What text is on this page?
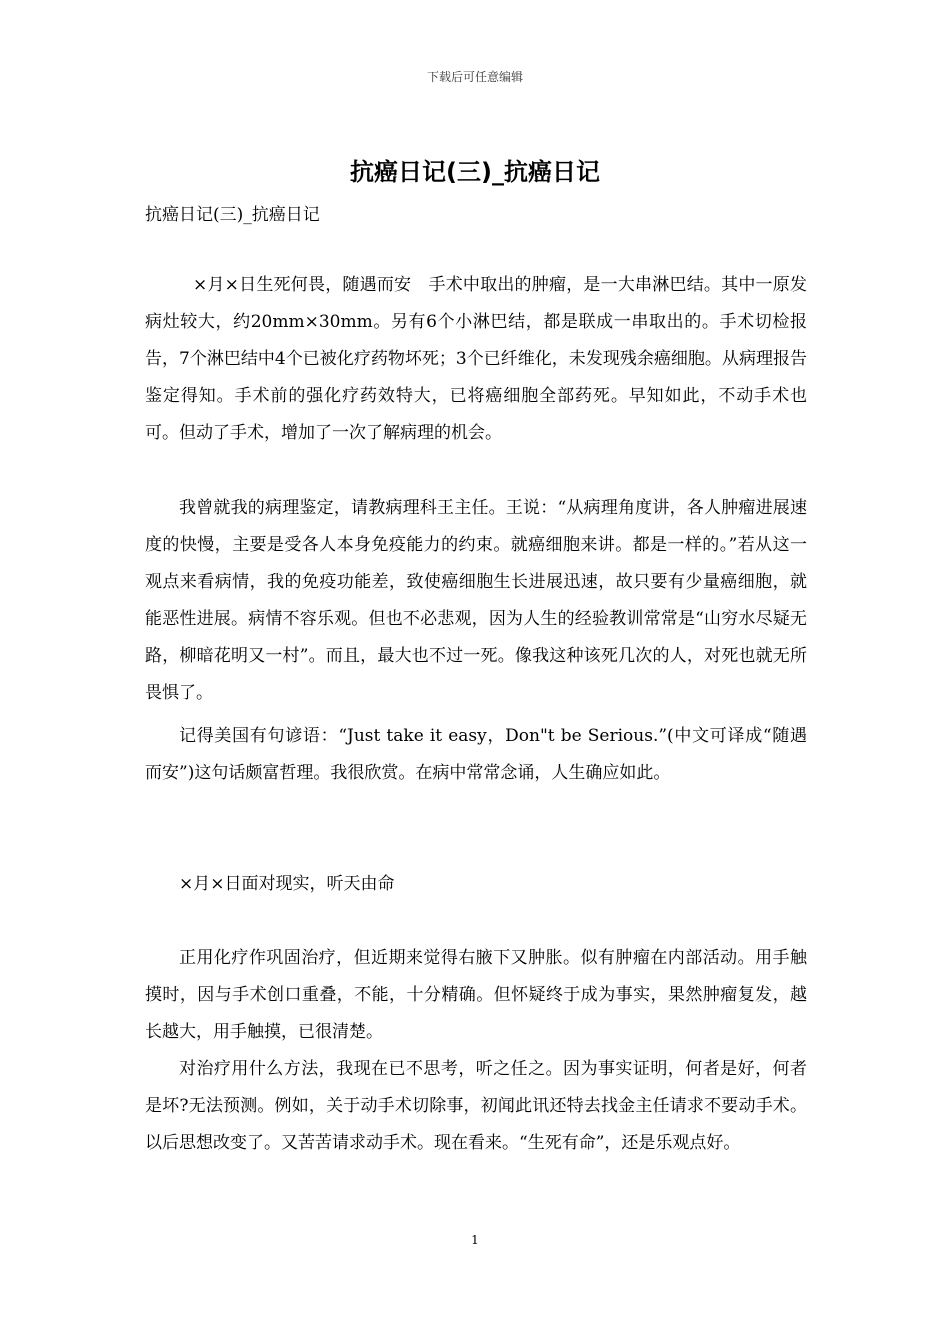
下载后可任意编辑
抗癌日记(三)_抗癌日记

抗癌日记(三)_抗癌日记

×月×日生死何畏，随遇而安　手术中取出的肿瘤，是一大串淋巴结。其中一原发病灶较大，约20mm×30mm。另有6个小淋巴结，都是联成一串取出的。手术切检报告，7个淋巴结中4个已被化疗药物坏死；3个已纤维化，未发现残余癌细胞。从病理报告鉴定得知。手术前的强化疗药效特大，已将癌细胞全部药死。早知如此，不动手术也可。但动了手术，增加了一次了解病理的机会。

我曾就我的病理鉴定，请教病理科王主任。王说：“从病理角度讲，各人肿瘤进展速度的快慢，主要是受各人本身免疫能力的约束。就癌细胞来讲。都是一样的。”若从这一观点来看病情，我的免疫功能差，致使癌细胞生长进展迅速，故只要有少量癌细胞，就能恶性进展。病情不容乐观。但也不必悲观，因为人生的经验教训常常是“山穷水尽疑无路，柳暗花明又一村”。而且，最大也不过一死。像我这种该死几次的人，对死也就无所畏惧了。

记得美国有句谚语：“Just take it easy，Don"t be Serious.”(中文可译成“随遇而安”)这句话颇富哲理。我很欣赏。在病中常常念诵，人生确应如此。

×月×日面对现实，听天由命

正用化疗作巩固治疗，但近期来觉得右腋下又肿胀。似有肿瘤在内部活动。用手触摸时，因与手术创口重叠，不能，十分精确。但怀疑终于成为事实，果然肿瘤复发，越长越大，用手触摸，已很清楚。

对治疗用什么方法，我现在已不思考，听之任之。因为事实证明，何者是好，何者是坏?无法预测。例如，关于动手术切除事，初闻此讯还特去找金主任请求不要动手术。以后思想改变了。又苦苦请求动手术。现在看来。“生死有命”，还是乐观点好。

1
